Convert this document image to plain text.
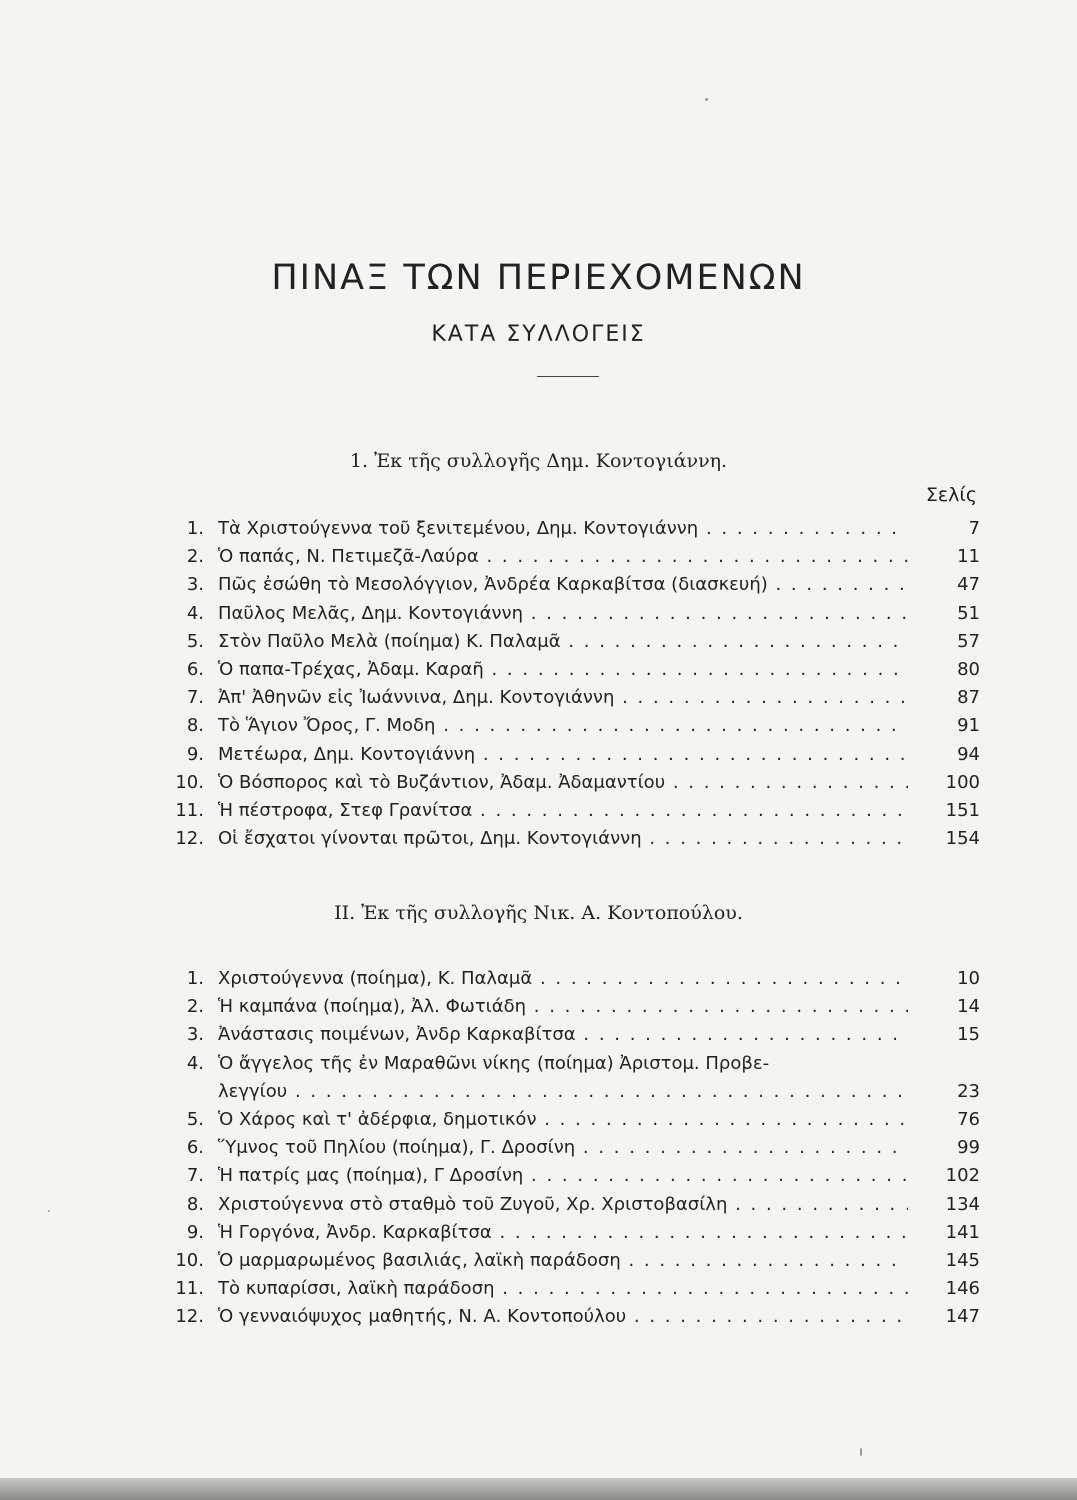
ΠΙΝΑΞ ΤΩΝ ΠΕΡΙΕΧΟΜΕΝΩΝ
ΚΑΤΑ ΣΥΛΛΟΓΕΙΣ
1. Ἐκ τῆς συλλογῆς Δημ. Κοντογιάννη.
Σελίς
ΙΙ. Ἐκ τῆς συλλογῆς Νικ. Α. Κοντοπούλου.
1. Τὰ Χριστούγεννα τοῦ ξενιτεμένου, Δημ. Κοντογιάννη . . .	7
2. Ὁ παπάς, Ν. Πετιμεζᾶ-Λαύρα . . .	11
3. Πῶς ἐσώθη τὸ Μεσολόγγιον, Ἀνδρέα Καρκαβίτσα (διασκευή) . . .	47
4. Παῦλος Μελᾶς, Δημ. Κοντογιάννη . . .	51
5. Στὸν Παῦλο Μελὰ (ποίημα) Κ. Παλαμᾶ . . .	57
6. Ὁ παπα-Τρέχας, Ἀδαμ. Καραῆ . . .	80
7. Ἀπ' Ἀθηνῶν εἰς Ἰωάννινα, Δημ. Κοντογιάννη . . .	87
8. Τὸ Ἅγιον Ὄρος, Γ. Μοδη . . .	91
9. Μετέωρα, Δημ. Κοντογιάννη . . .	94
10. Ὁ Βόσπορος καὶ τὸ Βυζάντιον, Ἀδαμ. Ἀδαμαντίου . . .	100
11. Ἡ πέστροφα, Στεφ Γρανίτσα . . .	151
12. Οἱ ἔσχατοι γίνονται πρῶτοι, Δημ. Κοντογιάννη . . .	154
1. Χριστούγεννα (ποίημα), Κ. Παλαμᾶ . . .	10
2. Ἡ καμπάνα (ποίημα), Ἀλ. Φωτιάδη . . .	14
3. Ἀνάστασις ποιμένων, Ἀνδρ Καρκαβίτσα . . .	15
4. Ὁ ἄγγελος τῆς ἐν Μαραθῶνι νίκης (ποίημα) Ἀριστομ. Προβε-
λεγγίου . . .	23
5. Ὁ Χάρος καὶ τ' ἀδέρφια, δημοτικόν . . .	76
6. Ὕμνος τοῦ Πηλίου (ποίημα), Γ. Δροσίνη . . .	99
7. Ἡ πατρίς μας (ποίημα), Γ Δροσίνη . . .	102
8. Χριστούγεννα στὸ σταθμὸ τοῦ Ζυγοῦ, Χρ. Χριστοβασίλη . . .	134
9. Ἡ Γοργόνα, Ἀνδρ. Καρκαβίτσα . . .	141
10. Ὁ μαρμαρωμένος βασιλιάς, λαϊκὴ παράδοση . . .	145
11. Τὸ κυπαρίσσι, λαϊκὴ παράδοση . . .	146
12. Ὁ γενναιόψυχος μαθητής, Ν. Α. Κοντοπούλου . . .	147
